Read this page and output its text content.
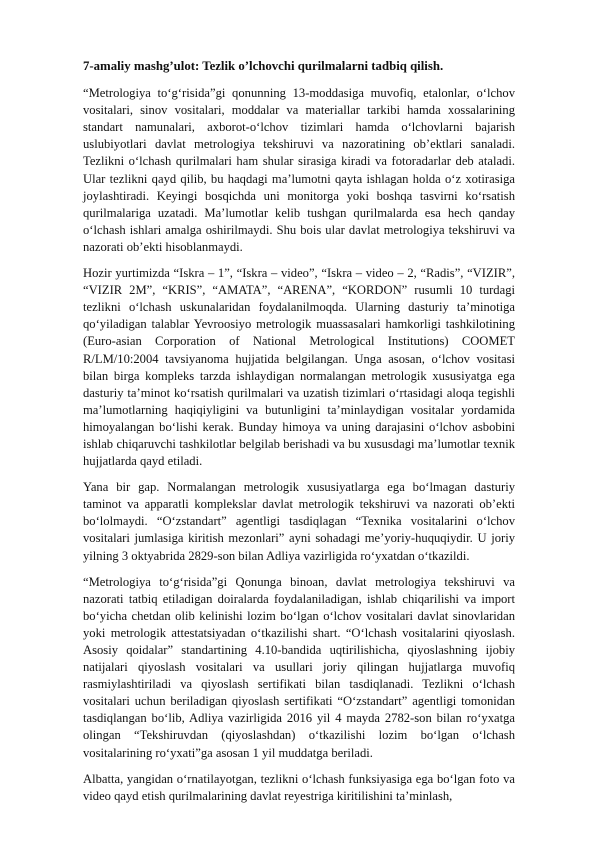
7-amaliy mashg’ulot: Tezlik o’lchovchi qurilmalarni tadbiq qilish.

“Metrologiya to‘g‘risida”gi qonunning 13-moddasiga muvofiq, etalonlar, o‘lchov vositalari, sinov vositalari, moddalar va materiallar tarkibi hamda xossalarining standart namunalari, axborot-o‘lchov tizimlari hamda o‘lchovlarni bajarish uslubiyotlari davlat metrologiya tekshiruvi va nazoratining ob’ektlari sanaladi. Tezlikni o‘lchash qurilmalari ham shular sirasiga kiradi va fotoradarlar deb ataladi. Ular tezlikni qayd qilib, bu haqdagi ma’lumotni qayta ishlagan holda o‘z xotirasiga joylashtiradi. Keyingi bosqichda uni monitorga yoki boshqa tasvirni ko‘rsatish qurilmalariga uzatadi. Ma’lumotlar kelib tushgan qurilmalarda esa hech qanday o‘lchash ishlari amalga oshirilmaydi. Shu bois ular davlat metrologiya tekshiruvi va nazorati ob’ekti hisoblanmaydi.

Hozir yurtimizda “Iskra – 1”, “Iskra – video”, “Iskra – video – 2, “Radis”, “VIZIR”, “VIZIR 2M”, “KRIS”, “AMATA”, “ARENA”, “KORDON” rusumli 10 turdagi tezlikni o‘lchash uskunalaridan foydalanilmoqda. Ularning dasturiy ta’minotiga qo‘yiladigan talablar Yevroosiyo metrologik muassasalari hamkorligi tashkilotining (Euro-asian Corporation of National Metrological Institutions) COOMET R/LM/10:2004 tavsiyanoma hujjatida belgilangan. Unga asosan, o‘lchov vositasi bilan birga kompleks tarzda ishlaydigan normalangan metrologik xususiyatga ega dasturiy ta’minot ko‘rsatish qurilmalari va uzatish tizimlari o‘rtasidagi aloqa tegishli ma’lumotlarning haqiqiyligini va butunligini ta’minlaydigan vositalar yordamida himoyalangan bo‘lishi kerak. Bunday himoya va uning darajasini o‘lchov asbobini ishlab chiqaruvchi tashkilotlar belgilab berishadi va bu xususdagi ma’lumotlar texnik hujjatlarda qayd etiladi.

Yana bir gap. Normalangan metrologik xususiyatlarga ega bo‘lmagan dasturiy taminot va apparatli komplekslar davlat metrologik tekshiruvi va nazorati ob’ekti bo‘lolmaydi. “O‘zstandart” agentligi tasdiqlagan “Texnika vositalarini o‘lchov vositalari jumlasiga kiritish mezonlari” ayni sohadagi me’yoriy-huquqiydir. U joriy yilning 3 oktyabrida 2829-son bilan Adliya vazirligida ro‘yxatdan o‘tkazildi.

“Metrologiya to‘g‘risida”gi Qonunga binoan, davlat metrologiya tekshiruvi va nazorati tatbiq etiladigan doiralarda foydalaniladigan, ishlab chiqarilishi va import bo‘yicha chetdan olib kelinishi lozim bo‘lgan o‘lchov vositalari davlat sinovlaridan yoki metrologik attestatsiyadan o‘tkazilishi shart. “O‘lchash vositalarini qiyoslash. Asosiy qoidalar” standartining 4.10-bandida uqtirilishicha, qiyoslashning ijobiy natijalari qiyoslash vositalari va usullari joriy qilingan hujjatlarga muvofiq rasmiylashtiriladi va qiyoslash sertifikati bilan tasdiqlanadi. Tezlikni o‘lchash vositalari uchun beriladigan qiyoslash sertifikati “O‘zstandart” agentligi tomonidan tasdiqlangan bo‘lib, Adliya vazirligida 2016 yil 4 mayda 2782-son bilan ro‘yxatga olingan “Tekshiruvdan (qiyoslashdan) o‘tkazilishi lozim bo‘lgan o‘lchash vositalarining ro‘yxati”ga asosan 1 yil muddatga beriladi.

Albatta, yangidan o‘rnatilayotgan, tezlikni o‘lchash funksiyasiga ega bo‘lgan foto va video qayd etish qurilmalarining davlat reyestriga kiritilishini ta’minlash,
